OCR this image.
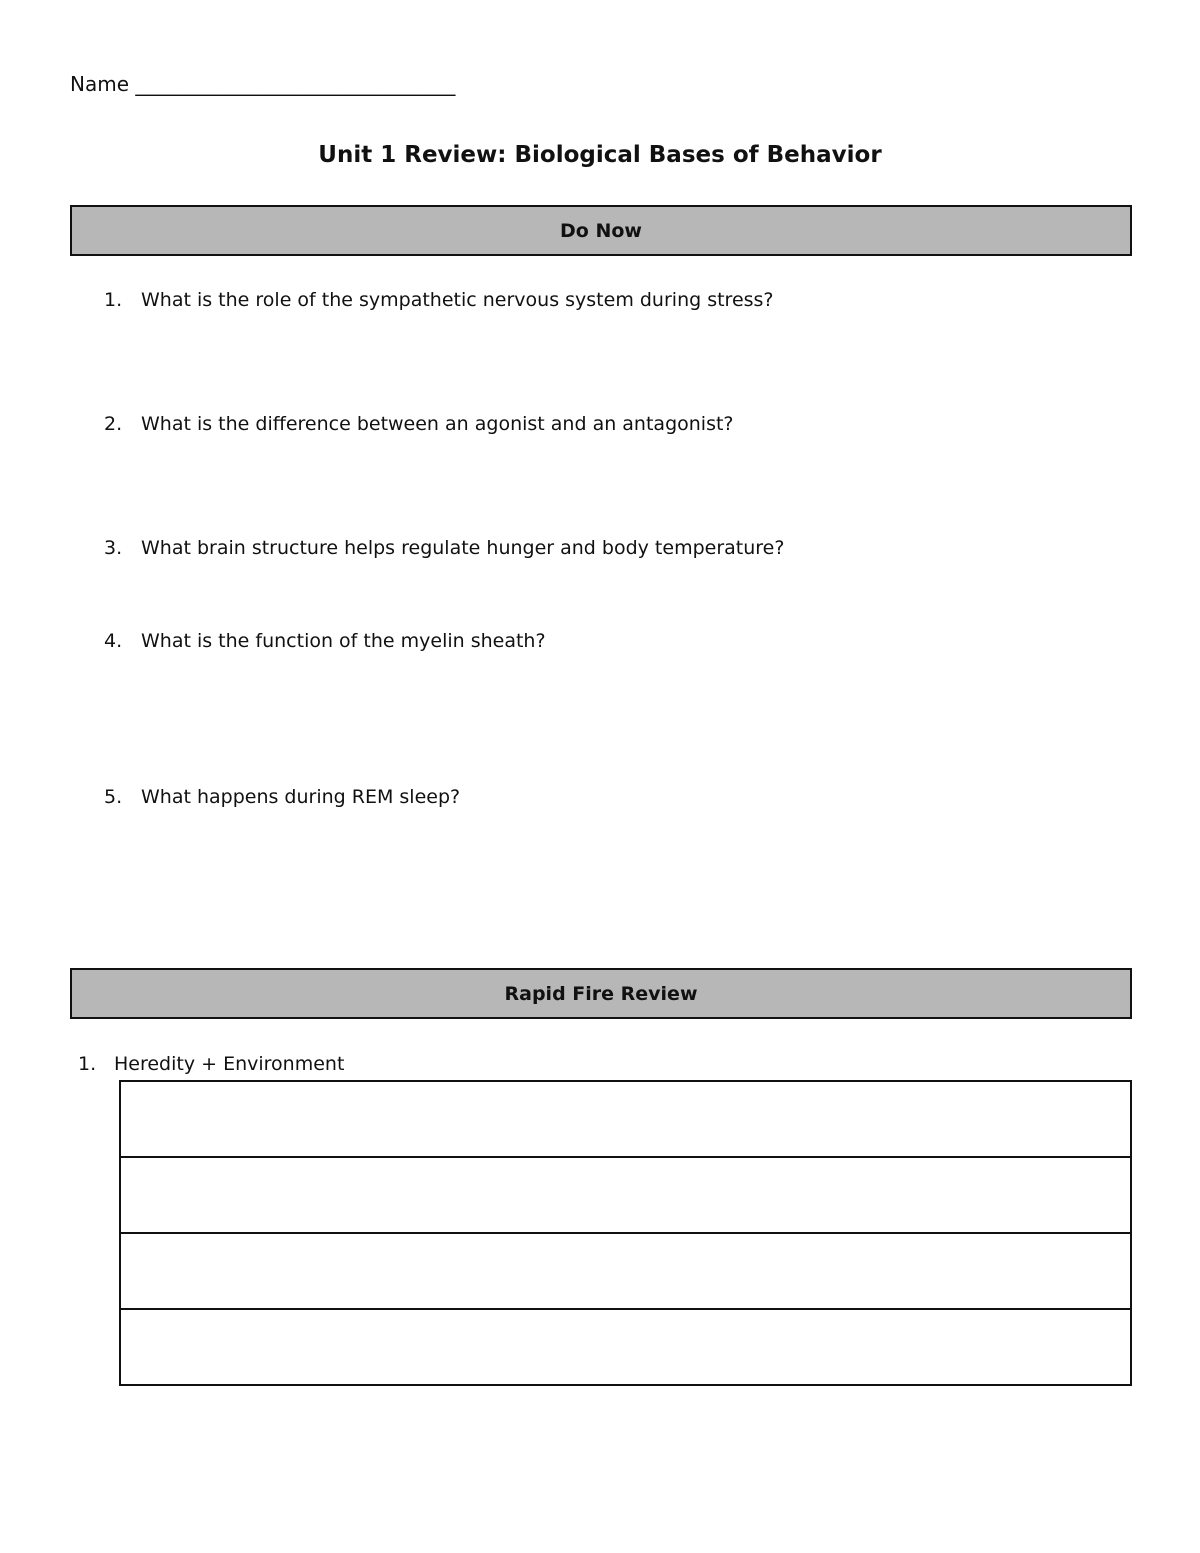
Name ________________________________
Unit 1 Review: Biological Bases of Behavior
Do Now
1. What is the role of the sympathetic nervous system during stress?
2. What is the difference between an agonist and an antagonist?
3. What brain structure helps regulate hunger and body temperature?
4. What is the function of the myelin sheath?
5. What happens during REM sleep?
Rapid Fire Review
1. Heredity + Environment
